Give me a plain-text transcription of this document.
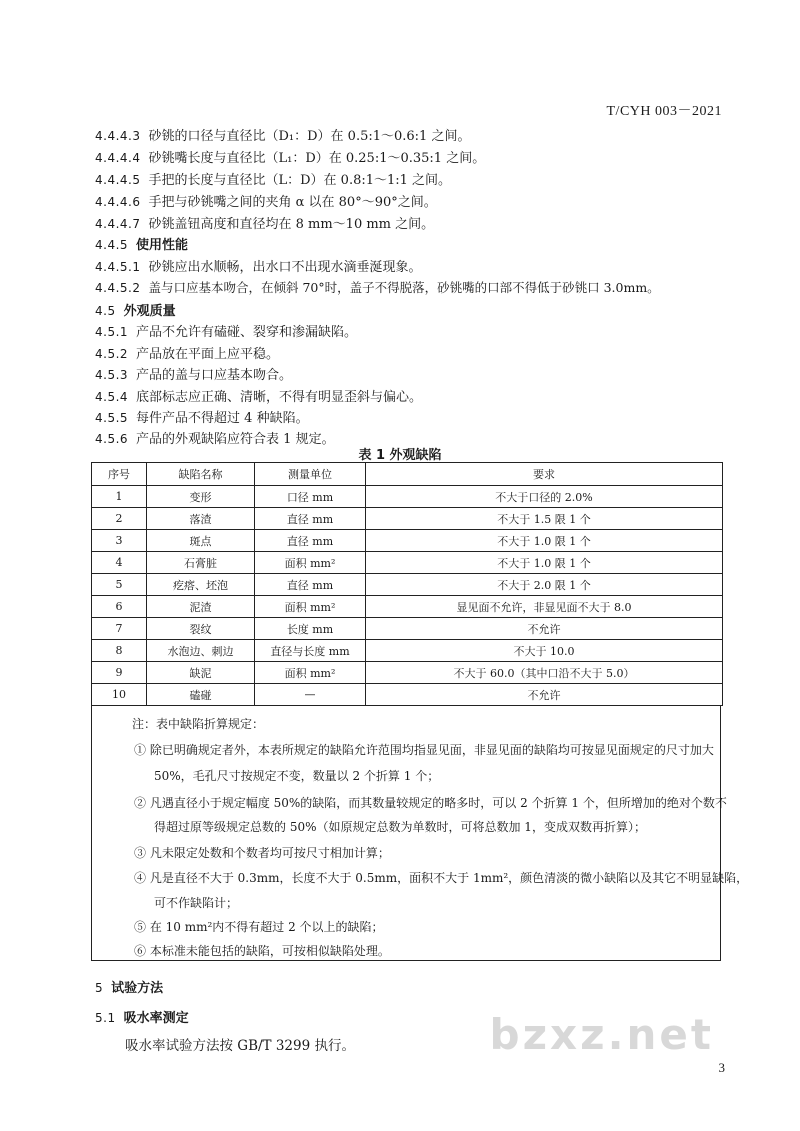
T/CYH 003－2021
4.4.4.3 砂铫的口径与直径比（D₁：D）在 0.5:1～0.6:1 之间。
4.4.4.4 砂铫嘴长度与直径比（L₁：D）在 0.25:1～0.35:1 之间。
4.4.4.5 手把的长度与直径比（L：D）在 0.8:1～1:1 之间。
4.4.4.6 手把与砂铫嘴之间的夹角 α 以在 80°～90°之间。
4.4.4.7 砂铫盖钮高度和直径均在 8 mm～10 mm 之间。
4.4.5 使用性能
4.4.5.1 砂铫应出水顺畅，出水口不出现水滴垂涎现象。
4.4.5.2 盖与口应基本吻合，在倾斜 70°时，盖子不得脱落，砂铫嘴的口部不得低于砂铫口 3.0mm。
4.5 外观质量
4.5.1 产品不允许有磕碰、裂穿和渗漏缺陷。
4.5.2 产品放在平面上应平稳。
4.5.3 产品的盖与口应基本吻合。
4.5.4 底部标志应正确、清晰，不得有明显歪斜与偏心。
4.5.5 每件产品不得超过 4 种缺陷。
4.5.6 产品的外观缺陷应符合表 1 规定。
表 1 外观缺陷
序号	缺陷名称	测量单位	要求
1	变形	口径 mm	不大于口径的 2.0%
2	落渣	直径 mm	不大于 1.5 限 1 个
3	斑点	直径 mm	不大于 1.0 限 1 个
4	石膏脏	面积 mm²	不大于 1.0 限 1 个
5	疙瘩、坯泡	直径 mm	不大于 2.0 限 1 个
6	泥渣	面积 mm²	显见面不允许，非显见面不大于 8.0
7	裂纹	长度 mm	不允许
8	水泡边、刺边	直径与长度 mm	不大于 10.0
9	缺泥	面积 mm²	不大于 60.0（其中口沿不大于 5.0）
10	磕碰	—	不允许
注：表中缺陷折算规定：
① 除已明确规定者外，本表所规定的缺陷允许范围均指显见面，非显见面的缺陷均可按显见面规定的尺寸加大
50%，毛孔尺寸按规定不变，数量以 2 个折算 1 个；
② 凡遇直径小于规定幅度 50%的缺陷，而其数量较规定的略多时，可以 2 个折算 1 个，但所增加的绝对个数不
得超过原等级规定总数的 50%（如原规定总数为单数时，可将总数加 1，变成双数再折算）；
③ 凡未限定处数和个数者均可按尺寸相加计算；
④ 凡是直径不大于 0.3mm，长度不大于 0.5mm，面积不大于 1mm²，颜色清淡的微小缺陷以及其它不明显缺陷，
可不作缺陷计；
⑤ 在 10 mm²内不得有超过 2 个以上的缺陷；
⑥ 本标准未能包括的缺陷，可按相似缺陷处理。
5 试验方法
5.1 吸水率测定
吸水率试验方法按 GB/T 3299 执行。	bzxz.net
3
